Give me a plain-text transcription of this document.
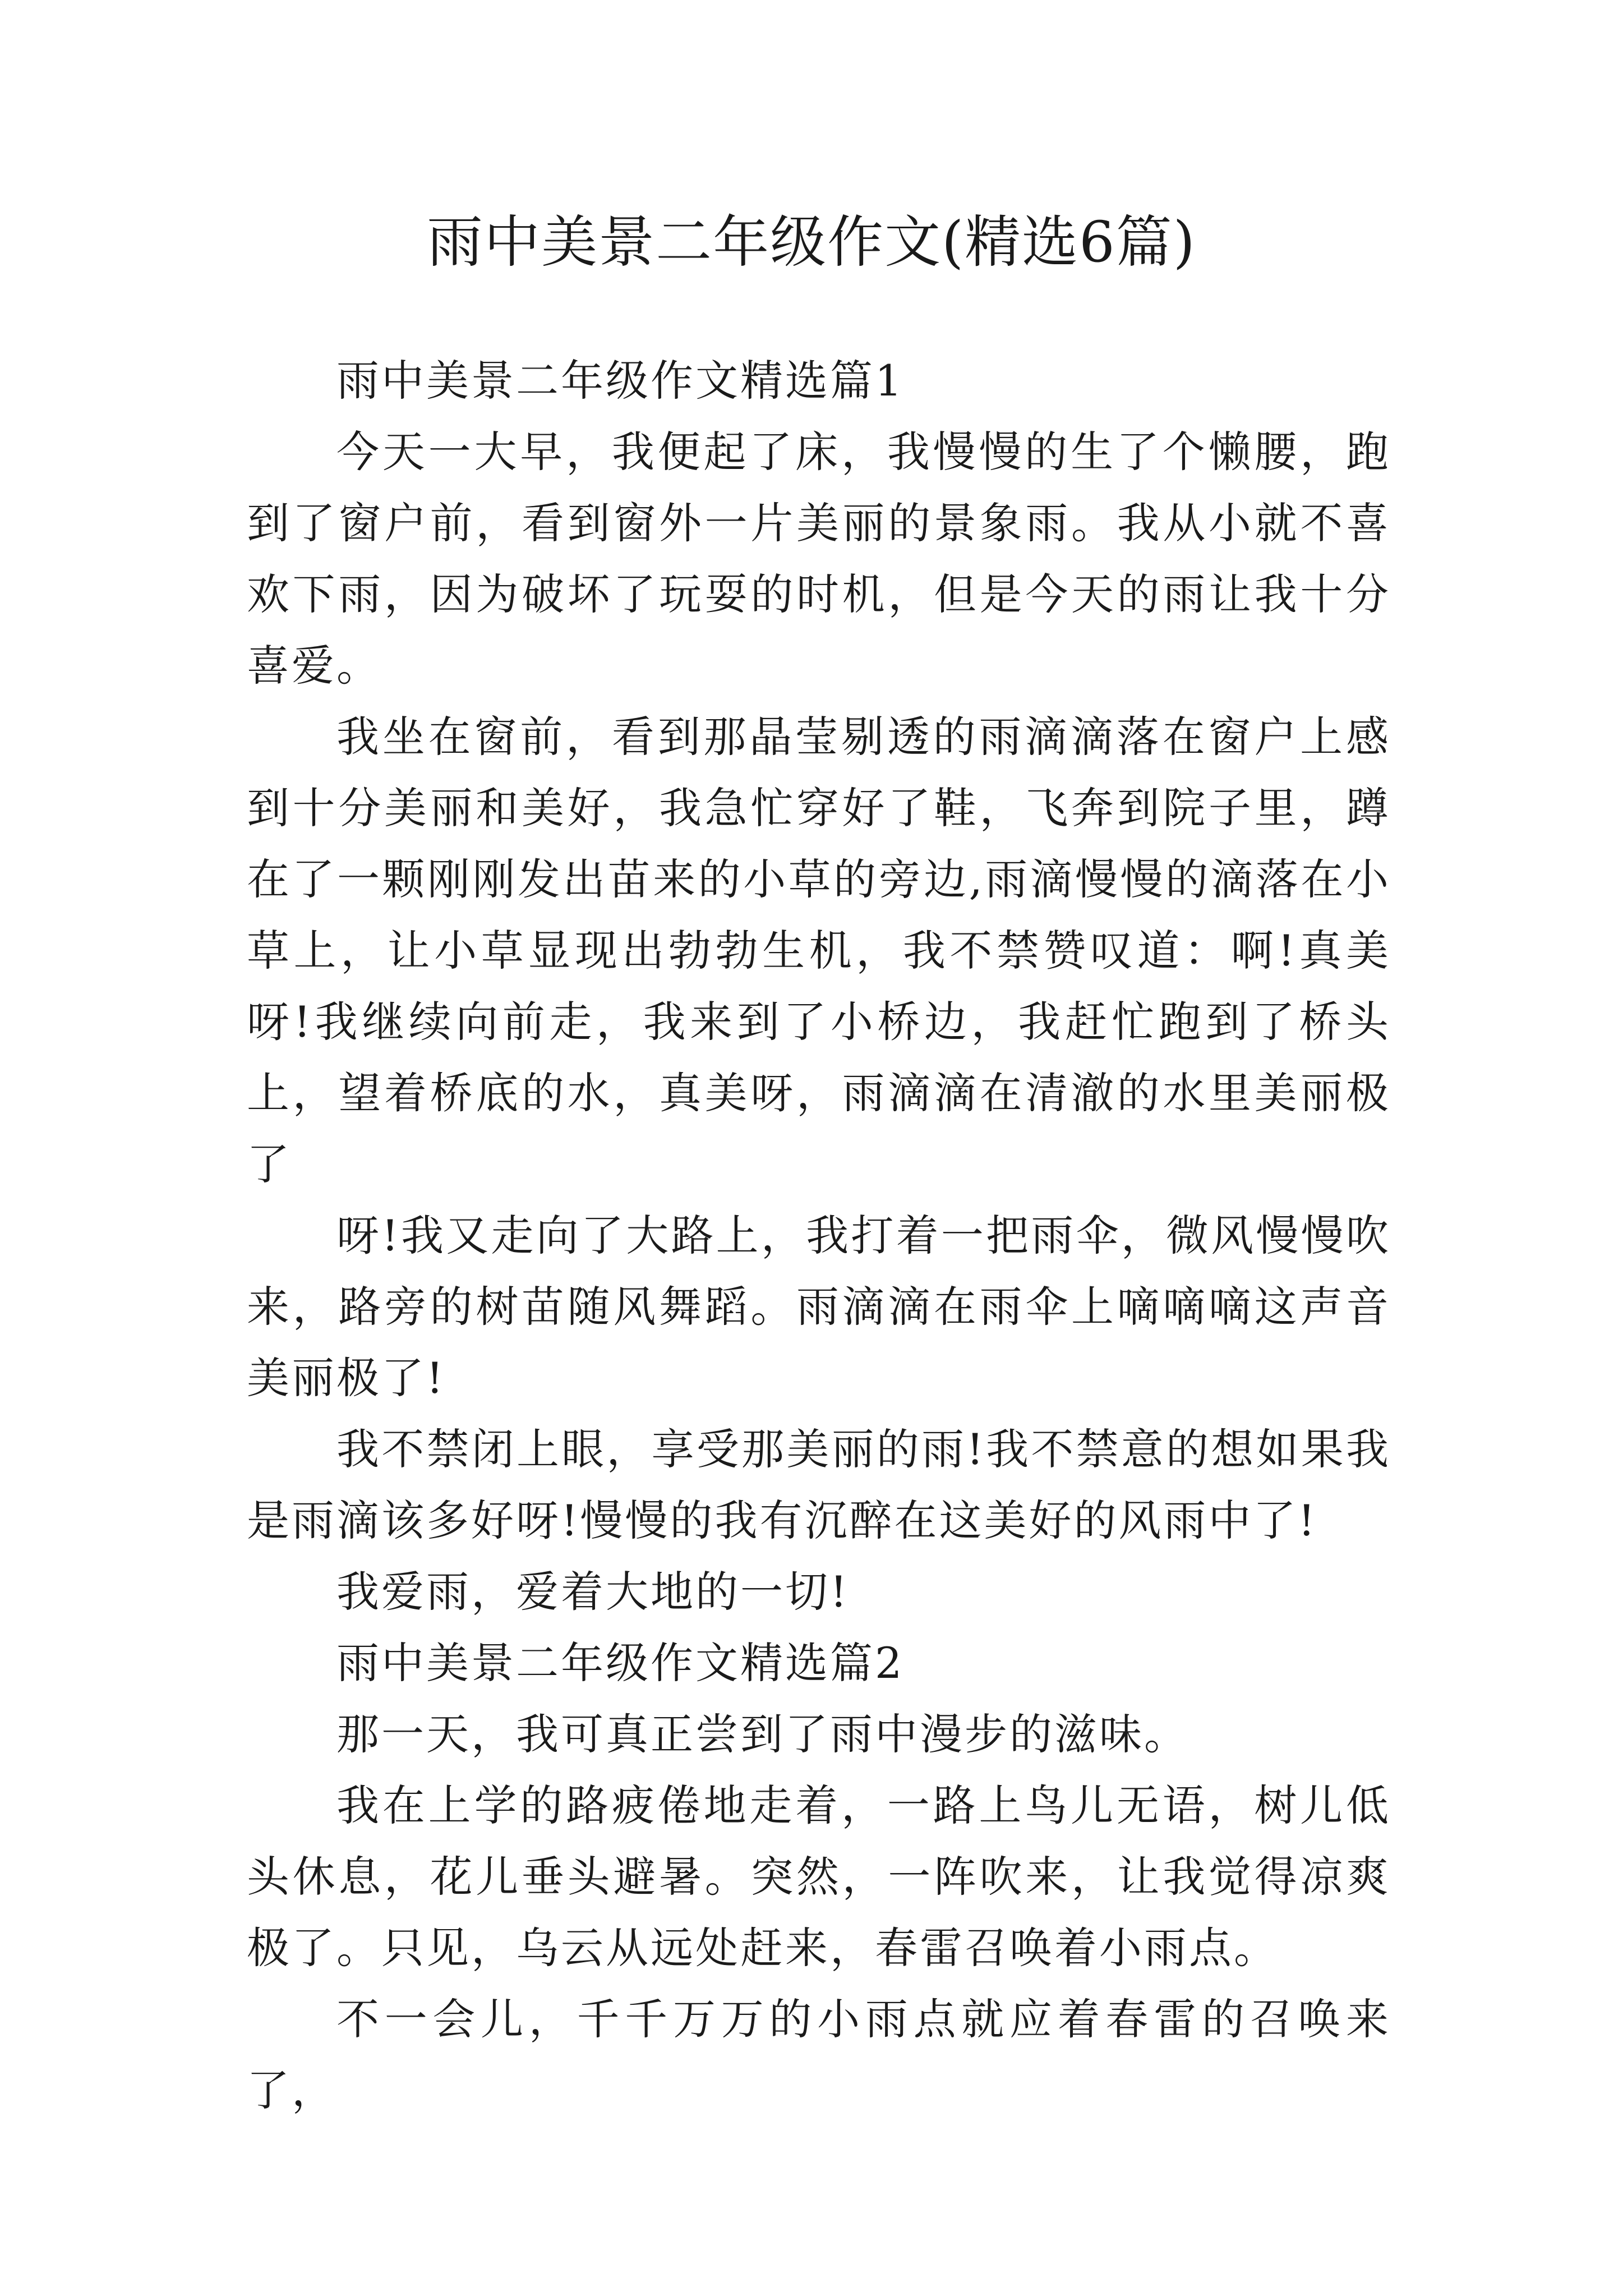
雨中美景二年级作文(精选6篇)

雨中美景二年级作文精选篇1

今天一大早，我便起了床，我慢慢的生了个懒腰，跑到了窗户前，看到窗外一片美丽的景象雨。我从小就不喜欢下雨，因为破坏了玩耍的时机，但是今天的雨让我十分喜爱。

我坐在窗前，看到那晶莹剔透的雨滴滴落在窗户上感到十分美丽和美好，我急忙穿好了鞋，飞奔到院子里，蹲在了一颗刚刚发出苗来的小草的旁边,雨滴慢慢的滴落在小草上，让小草显现出勃勃生机，我不禁赞叹道：啊!真美呀!我继续向前走，我来到了小桥边，我赶忙跑到了桥头上，望着桥底的水，真美呀，雨滴滴在清澈的水里美丽极了

呀!我又走向了大路上，我打着一把雨伞，微风慢慢吹来，路旁的树苗随风舞蹈。雨滴滴在雨伞上嘀嘀嘀这声音美丽极了!

我不禁闭上眼，享受那美丽的雨!我不禁意的想如果我是雨滴该多好呀!慢慢的我有沉醉在这美好的风雨中了!

我爱雨，爱着大地的一切!

雨中美景二年级作文精选篇2

那一天，我可真正尝到了雨中漫步的滋味。

我在上学的路疲倦地走着，一路上鸟儿无语，树儿低头休息，花儿垂头避暑。突然，一阵吹来，让我觉得凉爽极了。只见，乌云从远处赶来，春雷召唤着小雨点。

不一会儿，千千万万的小雨点就应着春雷的召唤来了，
